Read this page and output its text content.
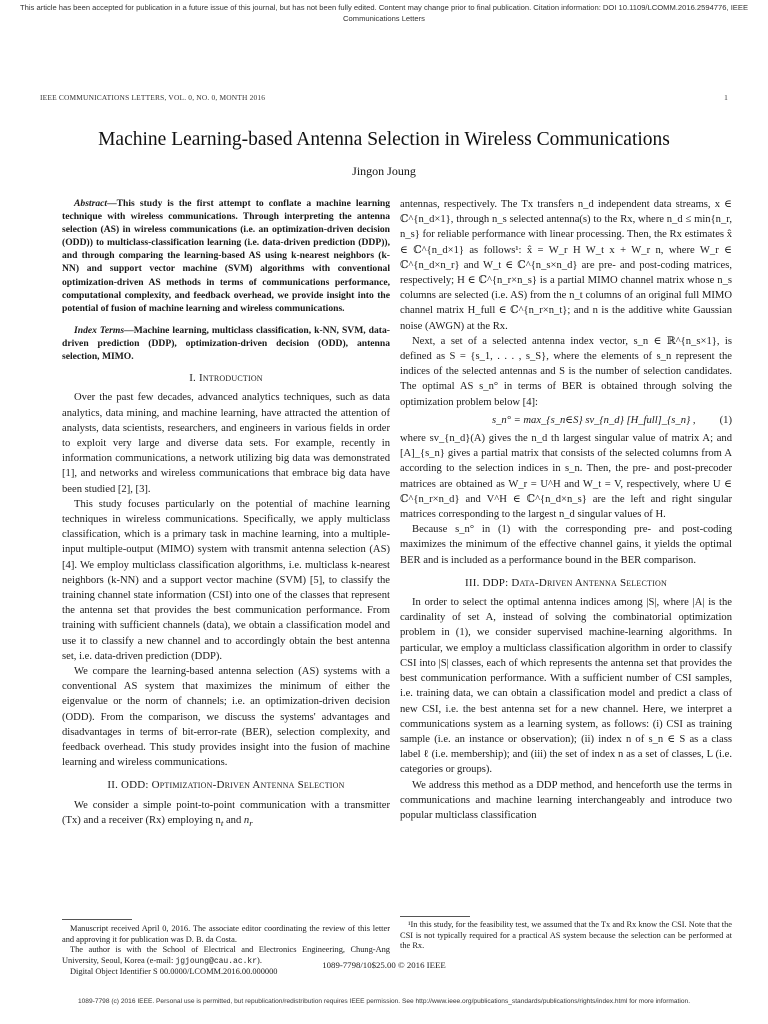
This article has been accepted for publication in a future issue of this journal, but has not been fully edited. Content may change prior to final publication. Citation information: DOI 10.1109/LCOMM.2016.2594776, IEEE
Communications Letters
IEEE COMMUNICATIONS LETTERS, VOL. 0, NO. 0, MONTH 2016	1
Machine Learning-based Antenna Selection in Wireless Communications
Jingon Joung

Abstract—This study is the first attempt to conflate a machine learning technique with wireless communications. Through interpreting the antenna selection (AS) in wireless communications (i.e. an optimization-driven decision (ODD)) to multiclass-classification learning (i.e. data-driven prediction (DDP)), and through comparing the learning-based AS using k-nearest neighbors (k-NN) and support vector machine (SVM) algorithms with conventional optimization-driven AS methods in terms of communications performance, computational complexity, and feedback overhead, we provide insight into the potential of fusion of machine learning and wireless communications.

Index Terms—Machine learning, multiclass classification, k-NN, SVM, data-driven prediction (DDP), optimization-driven decision (ODD), antenna selection, MIMO.

I. Introduction

Over the past few decades, advanced analytics techniques, such as data analytics, data mining, and machine learning, have attracted the attention of analysts, data scientists, researchers, and engineers in various fields in order to exploit very large and diverse data sets. For example, recently in information communications, a network utilizing big data was demonstrated [1], and networks and wireless communications that embrace big data have been studied [2], [3].

This study focuses particularly on the potential of machine learning techniques in wireless communications. Specifically, we apply multiclass classification, which is a primary task in machine learning, into a multiple-input multiple-output (MIMO) system with transmit antenna selection (AS) [4]. We employ multiclass classification algorithms, i.e. multiclass k-nearest neighbors (k-NN) and a support vector machine (SVM) [5], to classify the training channel state information (CSI) into one of the classes that represent the antenna set that provides the best communication performance. From training with sufficient channels (data), we obtain a classification model and use it to classify a new channel and to accordingly obtain the best antenna set, i.e. data-driven prediction (DDP).

We compare the learning-based antenna selection (AS) systems with a conventional AS system that maximizes the minimum of either the eigenvalue or the norm of channels; i.e. an optimization-driven decision (ODD). From the comparison, we discuss the systems' advantages and disadvantages in terms of bit-error-rate (BER), selection complexity, and feedback overhead. This study provides insight into the fusion of machine learning and wireless communications.

II. ODD: Optimization-Driven Antenna Selection

We consider a simple point-to-point communication with a transmitter (Tx) and a receiver (Rx) employing $n_t$ and $n_r$

Manuscript received April 0, 2016. The associate editor coordinating the review of this letter and approving it for publication was D. B. da Costa.

The author is with the School of Electrical and Electronics Engineering, Chung-Ang University, Seoul, Korea (e-mail: jgjoung@cau.ac.kr).

Digital Object Identifier S 00.0000/LCOMM.2016.00.000000

antennas, respectively. The Tx transfers n_d independent data streams, x ∈ ℂ^{n_d×1}, through n_s selected antenna(s) to the Rx, where n_d ≤ min{n_r, n_s} for reliable performance with linear processing. Then, the Rx estimates x̂ ∈ ℂ^{n_d×1} as follows¹: x̂ = W_r H W_t x + W_r n, where W_r ∈ ℂ^{n_d×n_r} and W_t ∈ ℂ^{n_s×n_d} are pre- and post-coding matrices, respectively; H ∈ ℂ^{n_r×n_s} is a partial MIMO channel matrix whose n_s columns are selected (i.e. AS) from the n_t columns of an original full MIMO channel matrix H_full ∈ ℂ^{n_r×n_t}; and n is the additive white Gaussian noise (AWGN) at the Rx.

Next, a set of a selected antenna index vector, s_n ∈ ℝ^{n_s×1}, is defined as S = {s_1, . . . , s_S}, where the elements of s_n represent the indices of the selected antennas and S is the number of selection candidates. The optimal AS s_n° in terms of BER is obtained through solving the optimization problem below [4]:

s_n° = max_{s_n∈S} sv_{n_d} [H_full]_{s_n} , (1)

where sv_{n_d}(A) gives the n_d th largest singular value of matrix A; and [A]_{s_n} gives a partial matrix that consists of the selected columns from A according to the selection indices in s_n. Then, the pre- and post-precoder matrices are obtained as W_r = U^H and W_t = V, respectively, where U ∈ ℂ^{n_r×n_d} and V^H ∈ ℂ^{n_d×n_s} are the left and right singular matrices corresponding to the largest n_d singular values of H.

Because s_n° in (1) with the corresponding pre- and post-coding maximizes the minimum of the effective channel gains, it yields the optimal BER and is included as a performance bound in the BER comparison.

III. DDP: Data-Driven Antenna Selection

In order to select the optimal antenna indices among |S|, where |A| is the cardinality of set A, instead of solving the combinatorial optimization problem in (1), we consider supervised machine-learning algorithms. In particular, we employ a multiclass classification algorithm in order to classify CSI into |S| classes, each of which represents the antenna set that provides the best communication performance. With a sufficient number of CSI samples, i.e. training data, we can obtain a classification model and predict a class of new CSI, i.e. the best antenna set for a new channel. Here, we interpret a communications system as a learning system, as follows: (i) CSI as training sample (i.e. an instance or observation); (ii) index n of s_n ∈ S as a class label ℓ (i.e. membership); and (iii) the set of index n as a set of classes, L (i.e. categories or groups).

We address this method as a DDP method, and henceforth use the terms in communications and machine learning interchangeably and introduce two popular multiclass classification

¹In this study, for the feasibility test, we assumed that the Tx and Rx know the CSI. Note that the CSI is not typically required for a practical AS system because the selection can be performed at the Rx.

1089-7798/10$25.00 © 2016 IEEE
1089-7798 (c) 2016 IEEE. Personal use is permitted, but republication/redistribution requires IEEE permission. See http://www.ieee.org/publications_standards/publications/rights/index.html for more information.
